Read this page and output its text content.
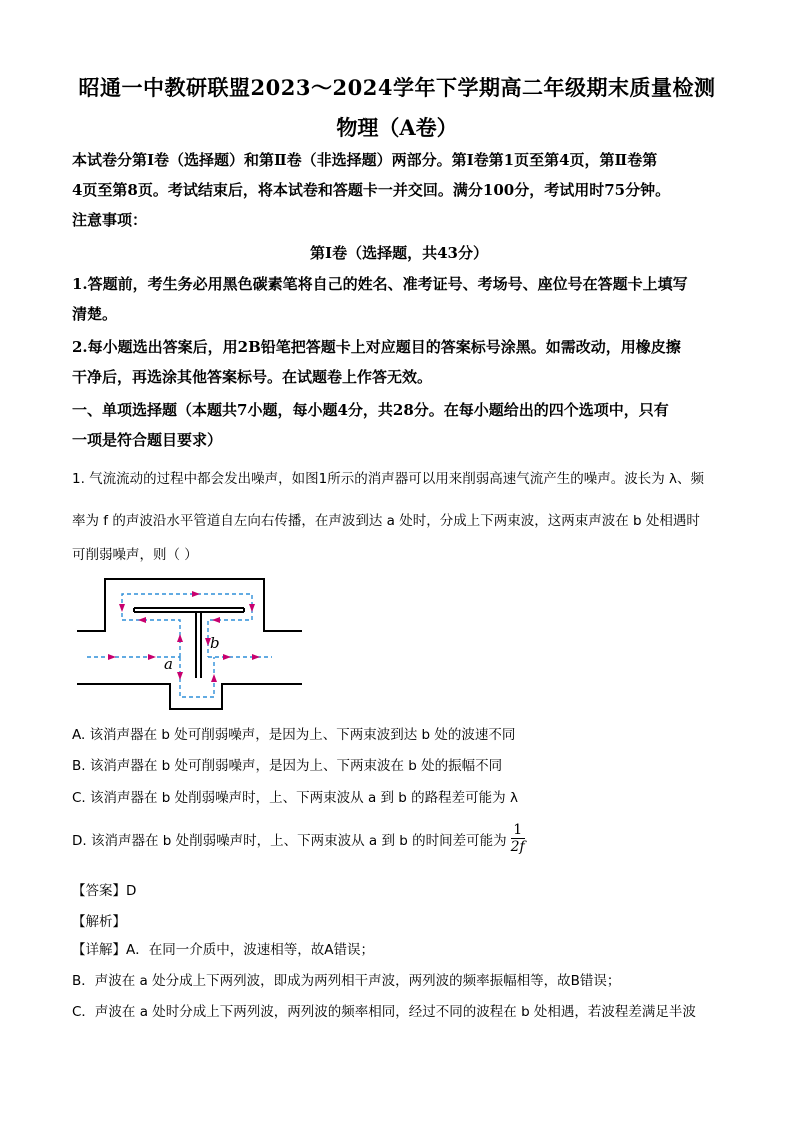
昭通一中教研联盟2023～2024学年下学期高二年级期末质量检测
物理（A卷）
本试卷分第Ⅰ卷（选择题）和第Ⅱ卷（非选择题）两部分。第Ⅰ卷第1页至第4页，第Ⅱ卷第
4页至第8页。考试结束后，将本试卷和答题卡一并交回。满分100分，考试用时75分钟。
注意事项：
第Ⅰ卷（选择题，共43分）
1.答题前，考生务必用黑色碳素笔将自己的姓名、准考证号、考场号、座位号在答题卡上填写
清楚。
2.每小题选出答案后，用2B铅笔把答题卡上对应题目的答案标号涂黑。如需改动，用橡皮擦
干净后，再选涂其他答案标号。在试题卷上作答无效。
一、单项选择题（本题共7小题，每小题4分，共28分。在每小题给出的四个选项中，只有
一项是符合题目要求）
1. 气流流动的过程中都会发出噪声，如图1所示的消声器可以用来削弱高速气流产生的噪声。波长为 λ、频
率为 f 的声波沿水平管道自左向右传播，在声波到达 a 处时，分成上下两束波，这两束声波在 b 处相遇时
可削弱噪声，则（ ）
a
b
A. 该消声器在 b 处可削弱噪声，是因为上、下两束波到达 b 处的波速不同
B. 该消声器在 b 处可削弱噪声，是因为上、下两束波在 b 处的振幅不同
C. 该消声器在 b 处削弱噪声时，上、下两束波从 a 到 b 的路程差可能为 λ
D. 该消声器在 b 处削弱噪声时，上、下两束波从 a 到 b 的时间差可能为 $\frac{1}{2f}$
【答案】D
【解析】
【详解】A．在同一介质中，波速相等，故A错误；
B．声波在 a 处分成上下两列波，即成为两列相干声波，两列波的频率振幅相等，故B错误；
C．声波在 a 处时分成上下两列波，两列波的频率相同，经过不同的波程在 b 处相遇，若波程差满足半波
